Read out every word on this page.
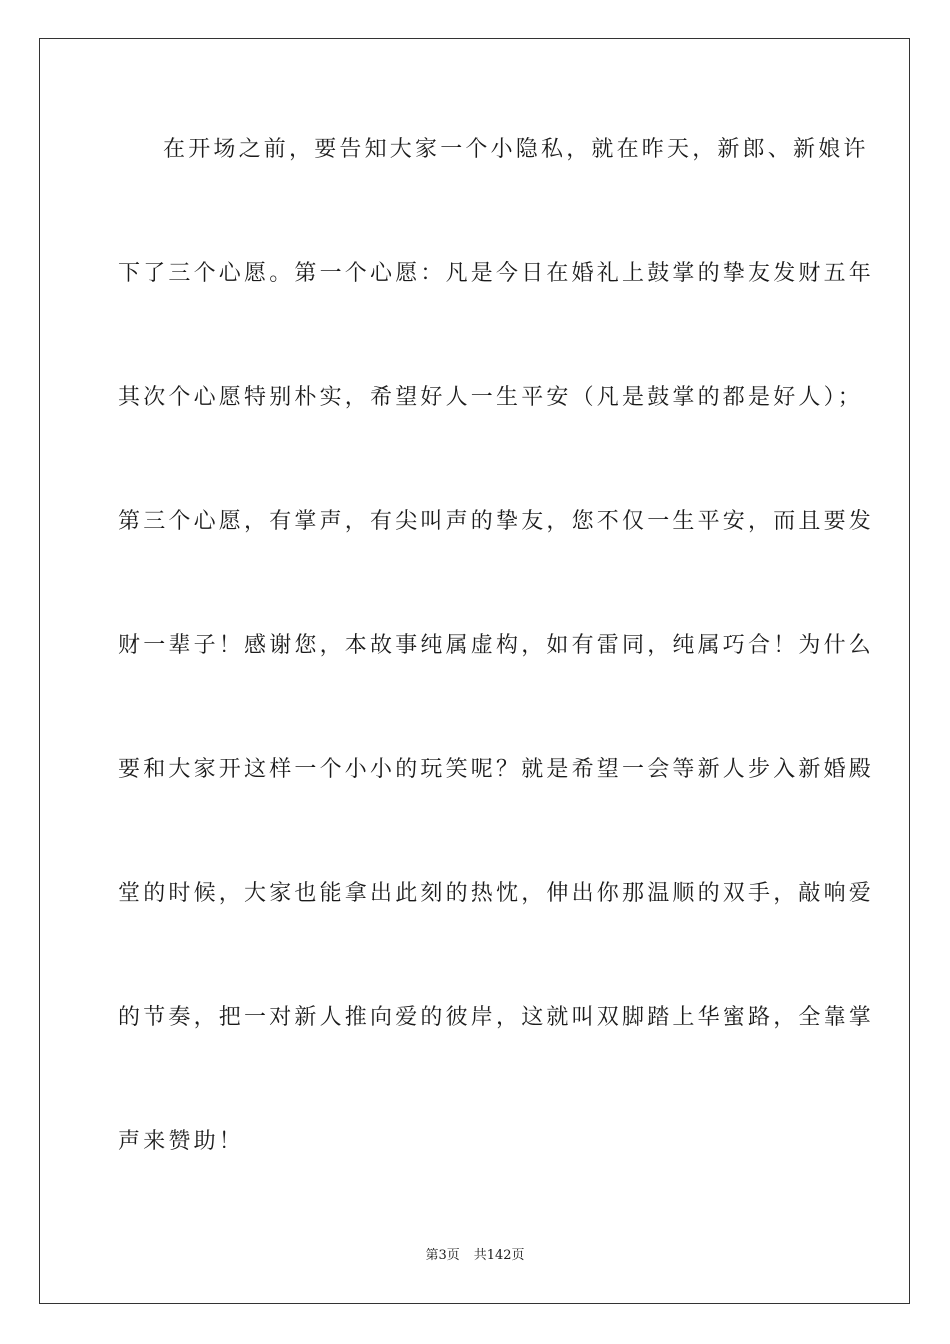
在开场之前，要告知大家一个小隐私，就在昨天，新郎、新娘许
下了三个心愿。第一个心愿：凡是今日在婚礼上鼓掌的挚友发财五年
其次个心愿特别朴实，希望好人一生平安（凡是鼓掌的都是好人）；
第三个心愿，有掌声，有尖叫声的挚友，您不仅一生平安，而且要发
财一辈子！感谢您，本故事纯属虚构，如有雷同，纯属巧合！为什么
要和大家开这样一个小小的玩笑呢？就是希望一会等新人步入新婚殿
堂的时候，大家也能拿出此刻的热忱，伸出你那温顺的双手，敲响爱
的节奏，把一对新人推向爱的彼岸，这就叫双脚踏上华蜜路，全靠掌
声来赞助！
第3页 共142页
